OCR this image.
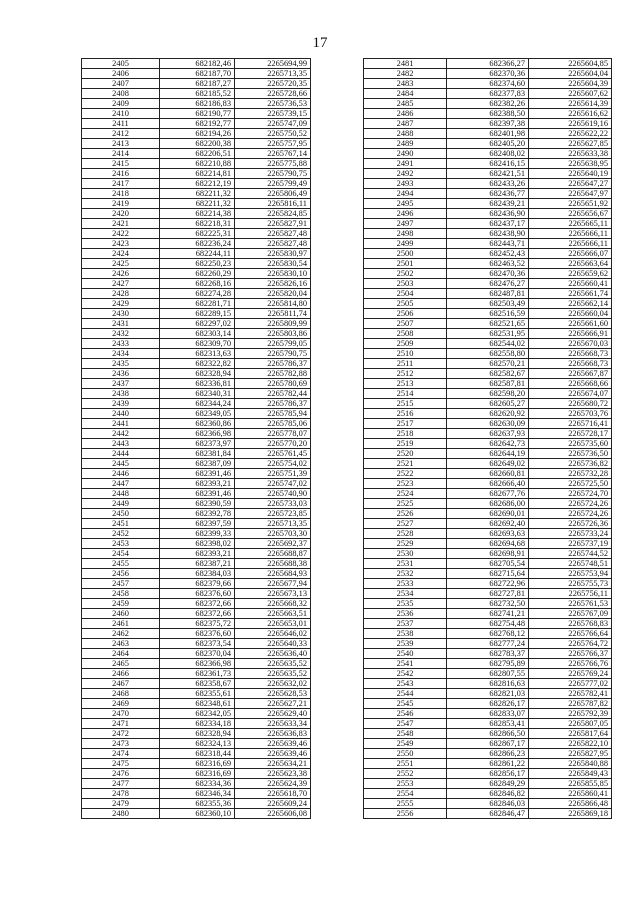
17
2405	682182,46	2265694,99
2406	682187,70	2265713,35
2407	682187,27	2265720,35
2408	682185,52	2265728,66
2409	682186,83	2265736,53
2410	682190,77	2265739,15
2411	682192,77	2265747,09
2412	682194,26	2265750,52
2413	682200,38	2265757,95
2414	682206,51	2265767,14
2415	682210,88	2265775,88
2416	682214,81	2265790,75
2417	682212,19	2265799,49
2418	682211,32	2265806,49
2419	682211,32	2265816,11
2420	682214,38	2265824,85
2421	682218,31	2265827,91
2422	682225,31	2265827,48
2423	682236,24	2265827,48
2424	682244,11	2265830,97
2425	682250,23	2265830,54
2426	682260,29	2265830,10
2427	682268,16	2265826,16
2428	682274,28	2265820,04
2429	682281,71	2265814,80
2430	682289,15	2265811,74
2431	682297,02	2265809,99
2432	682303,14	2265803,86
2433	682309,70	2265799,05
2434	682313,63	2265790,75
2435	682322,82	2265786,37
2436	682328,94	2265782,88
2437	682336,81	2265780,69
2438	682340,31	2265782,44
2439	682344,24	2265786,37
2440	682349,05	2265785,94
2441	682360,86	2265785,06
2442	682366,98	2265778,07
2443	682373,97	2265770,20
2444	682381,84	2265761,45
2445	682387,09	2265754,02
2446	682391,46	2265751,39
2447	682393,21	2265747,02
2448	682391,46	2265740,90
2449	682390,59	2265733,03
2450	682392,78	2265723,85
2451	682397,59	2265713,35
2452	682399,33	2265703,30
2453	682398,02	2265692,37
2454	682393,21	2265688,87
2455	682387,21	2265688,38
2456	682384,03	2265684,93
2457	682379,66	2265677,94
2458	682376,60	2265673,13
2459	682372,66	2265668,32
2460	682372,66	2265663,51
2461	682375,72	2265653,01
2462	682376,60	2265646,02
2463	682373,54	2265640,33
2464	682370,04	2265636,40
2465	682366,98	2265635,52
2466	682361,73	2265635,52
2467	682358,67	2265632,02
2468	682355,61	2265628,53
2469	682348,61	2265627,21
2470	682342,05	2265629,40
2471	682334,18	2265633,34
2472	682328,94	2265636,83
2473	682324,13	2265639,46
2474	682318,44	2265639,46
2475	682316,69	2265634,21
2476	682316,69	2265623,38
2477	682334,36	2265624,39
2478	682346,34	2265618,70
2479	682355,36	2265609,24
2480	682360,10	2265606,08
2481	682366,27	2265604,85
2482	682370,36	2265604,04
2483	682374,60	2265604,39
2484	682377,83	2265607,62
2485	682382,26	2265614,39
2486	682388,50	2265616,62
2487	682397,38	2265619,16
2488	682401,98	2265622,22
2489	682405,20	2265627,85
2490	682408,02	2265633,38
2491	682416,15	2265638,95
2492	682421,51	2265640,19
2493	682433,26	2265647,27
2494	682436,77	2265647,97
2495	682439,21	2265651,92
2496	682436,90	2265656,67
2497	682437,17	2265665,11
2498	682438,90	2265666,11
2499	682443,71	2265666,11
2500	682452,43	2265666,07
2501	682463,52	2265663,64
2502	682470,36	2265659,62
2503	682476,27	2265660,41
2504	682487,81	2265661,74
2505	682503,49	2265662,14
2506	682516,59	2265660,04
2507	682521,65	2265661,60
2508	682531,95	2265666,91
2509	682544,02	2265670,03
2510	682558,80	2265668,73
2511	682570,21	2265668,73
2512	682582,67	2265667,87
2513	682587,81	2265668,66
2514	682598,20	2265674,07
2515	682605,27	2265680,72
2516	682620,92	2265703,76
2517	682630,09	2265716,41
2518	682637,93	2265728,17
2519	682642,73	2265735,60
2520	682644,19	2265736,50
2521	682649,02	2265736,82
2522	682660,81	2265732,28
2523	682666,40	2265725,50
2524	682677,76	2265724,70
2525	682686,00	2265724,26
2526	682690,01	2265724,26
2527	682692,40	2265726,36
2528	682693,63	2265733,24
2529	682694,68	2265737,19
2530	682698,91	2265744,52
2531	682705,54	2265748,51
2532	682715,64	2265753,94
2533	682722,96	2265755,73
2534	682727,81	2265756,11
2535	682732,50	2265761,53
2536	682741,21	2265767,09
2537	682754,48	2265768,83
2538	682768,12	2265766,64
2539	682777,24	2265764,72
2540	682783,37	2265766,37
2541	682795,89	2265766,76
2542	682807,55	2265769,24
2543	682816,63	2265777,02
2544	682821,03	2265782,41
2545	682826,17	2265787,82
2546	682833,07	2265792,39
2547	682853,41	2265807,05
2548	682866,50	2265817,64
2549	682867,17	2265822,10
2550	682866,23	2265827,95
2551	682861,22	2265840,88
2552	682856,17	2265849,43
2553	682849,29	2265855,85
2554	682846,82	2265860,41
2555	682846,03	2265866,48
2556	682846,47	2265869,18
